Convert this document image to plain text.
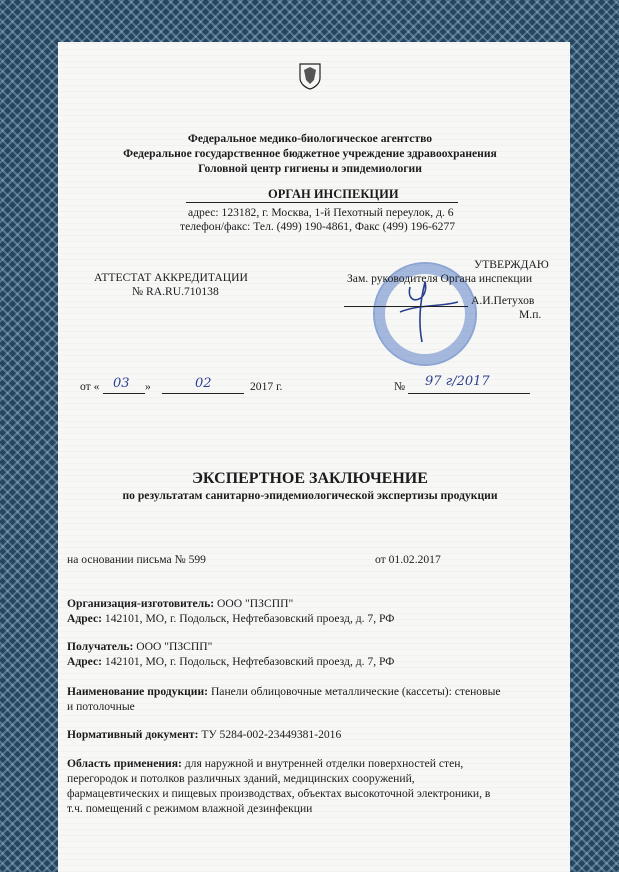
Федеральное медико-биологическое агентство
Федеральное государственное бюджетное учреждение здравоохранения
Головной центр гигиены и эпидемиологии
ОРГАН ИНСПЕКЦИИ
адрес: 123182, г. Москва, 1-й Пехотный переулок, д. 6
телефон/факс: Тел. (499) 190-4861, Факс (499) 196-6277
АТТЕСТАТ АККРЕДИТАЦИИ
№ RA.RU.710138
УТВЕРЖДАЮ
Зам. руководителя Органа инспекции
А.И.Петухов
М.п.
от « 03 »	02	2017 г.	№ 97 г/2017
ЭКСПЕРТНОЕ ЗАКЛЮЧЕНИЕ
по результатам санитарно-эпидемиологической экспертизы продукции
на основании письма № 599	от 01.02.2017
Организация-изготовитель: ООО "ПЗСПП"
Адрес: 142101, МО, г. Подольск, Нефтебазовский проезд, д. 7, РФ
Получатель: ООО "ПЗСПП"
Адрес: 142101, МО, г. Подольск, Нефтебазовский проезд, д. 7, РФ
Наименование продукции: Панели облицовочные металлические (кассеты): стеновые
и потолочные
Нормативный документ: ТУ 5284-002-23449381-2016
Область применения: для наружной и внутренней отделки поверхностей стен,
перегородок и потолков различных зданий, медицинских сооружений,
фармацевтических и пищевых производствах, объектах высокоточной электроники, в
т.ч. помещений с режимом влажной дезинфекции
